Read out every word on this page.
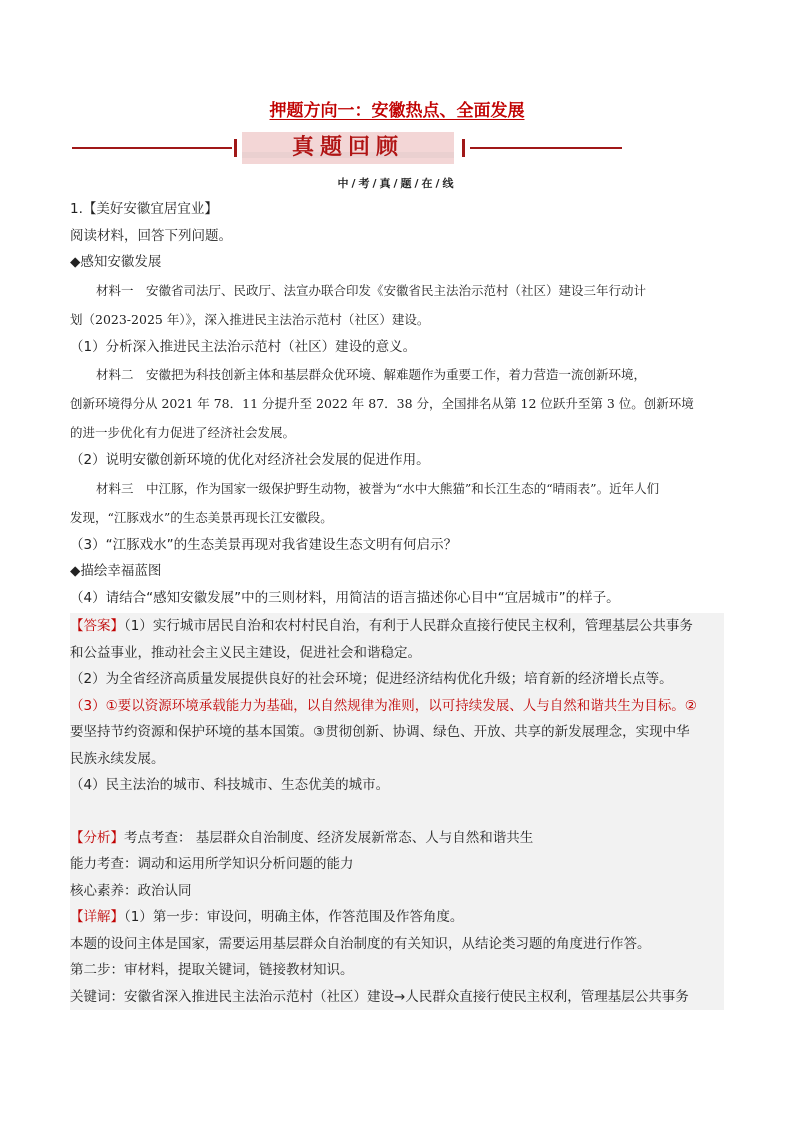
押题方向一：安徽热点、全面发展
真题回顾
中/考/真/题/在/线
1.【美好安徽宜居宜业】
阅读材料，回答下列问题。
◆感知安徽发展
材料一　安徽省司法厅、民政厅、法宣办联合印发《安徽省民主法治示范村（社区）建设三年行动计
划（2023-2025 年）》，深入推进民主法治示范村（社区）建设。
（1）分析深入推进民主法治示范村（社区）建设的意义。
材料二　安徽把为科技创新主体和基层群众优环境、解难题作为重要工作，着力营造一流创新环境，
创新环境得分从 2021 年 78．11 分提升至 2022 年 87．38 分，全国排名从第 12 位跃升至第 3 位。创新环境
的进一步优化有力促进了经济社会发展。
（2）说明安徽创新环境的优化对经济社会发展的促进作用。
材料三　中江豚，作为国家一级保护野生动物，被誉为“水中大熊猫”和长江生态的“晴雨表”。近年人们
发现，“江豚戏水”的生态美景再现长江安徽段。
（3）“江豚戏水”的生态美景再现对我省建设生态文明有何启示？
◆描绘幸福蓝图
（4）请结合“感知安徽发展”中的三则材料，用简洁的语言描述你心目中“宜居城市”的样子。
【答案】（1）实行城市居民自治和农村村民自治，有利于人民群众直接行使民主权利，管理基层公共事务
和公益事业，推动社会主义民主建设，促进社会和谐稳定。
（2）为全省经济高质量发展提供良好的社会环境；促进经济结构优化升级；培育新的经济增长点等。
（3）①要以资源环境承载能力为基础，以自然规律为准则，以可持续发展、人与自然和谐共生为目标。②
要坚持节约资源和保护环境的基本国策。③贯彻创新、协调、绿色、开放、共享的新发展理念，实现中华
民族永续发展。
（4）民主法治的城市、科技城市、生态优美的城市。
【分析】考点考查： 基层群众自治制度、经济发展新常态、人与自然和谐共生
能力考查：调动和运用所学知识分析问题的能力
核心素养：政治认同
【详解】（1）第一步：审设问，明确主体，作答范围及作答角度。
本题的设问主体是国家，需要运用基层群众自治制度的有关知识，从结论类习题的角度进行作答。
第二步：审材料，提取关键词，链接教材知识。
关键词：安徽省深入推进民主法治示范村（社区）建设→人民群众直接行使民主权利，管理基层公共事务
